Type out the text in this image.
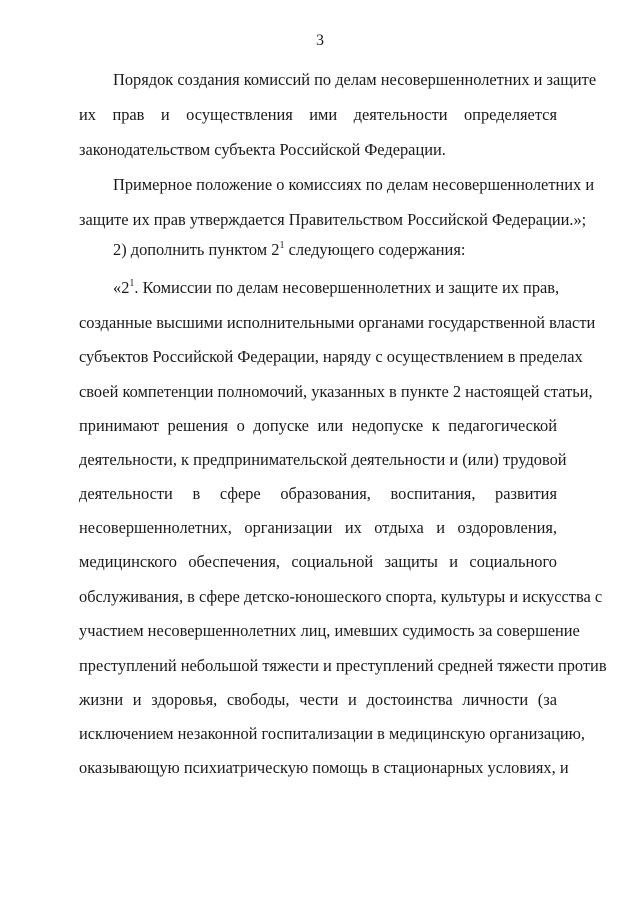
3
Порядок создания комиссий по делам несовершеннолетних и защите
их прав и осуществления ими деятельности определяется
законодательством субъекта Российской Федерации.
Примерное положение о комиссиях по делам несовершеннолетних и
защите их прав утверждается Правительством Российской Федерации.»;
2) дополнить пунктом $2^1$ следующего содержания:
«$2^1$. Комиссии по делам несовершеннолетних и защите их прав,
созданные высшими исполнительными органами государственной власти
субъектов Российской Федерации, наряду с осуществлением в пределах
своей компетенции полномочий, указанных в пункте 2 настоящей статьи,
принимают решения о допуске или недопуске к педагогической
деятельности, к предпринимательской деятельности и (или) трудовой
деятельности в сфере образования, воспитания, развития
несовершеннолетних, организации их отдыха и оздоровления,
медицинского обеспечения, социальной защиты и социального
обслуживания, в сфере детско-юношеского спорта, культуры и искусства с
участием несовершеннолетних лиц, имевших судимость за совершение
преступлений небольшой тяжести и преступлений средней тяжести против
жизни и здоровья, свободы, чести и достоинства личности (за
исключением незаконной госпитализации в медицинскую организацию,
оказывающую психиатрическую помощь в стационарных условиях, и
